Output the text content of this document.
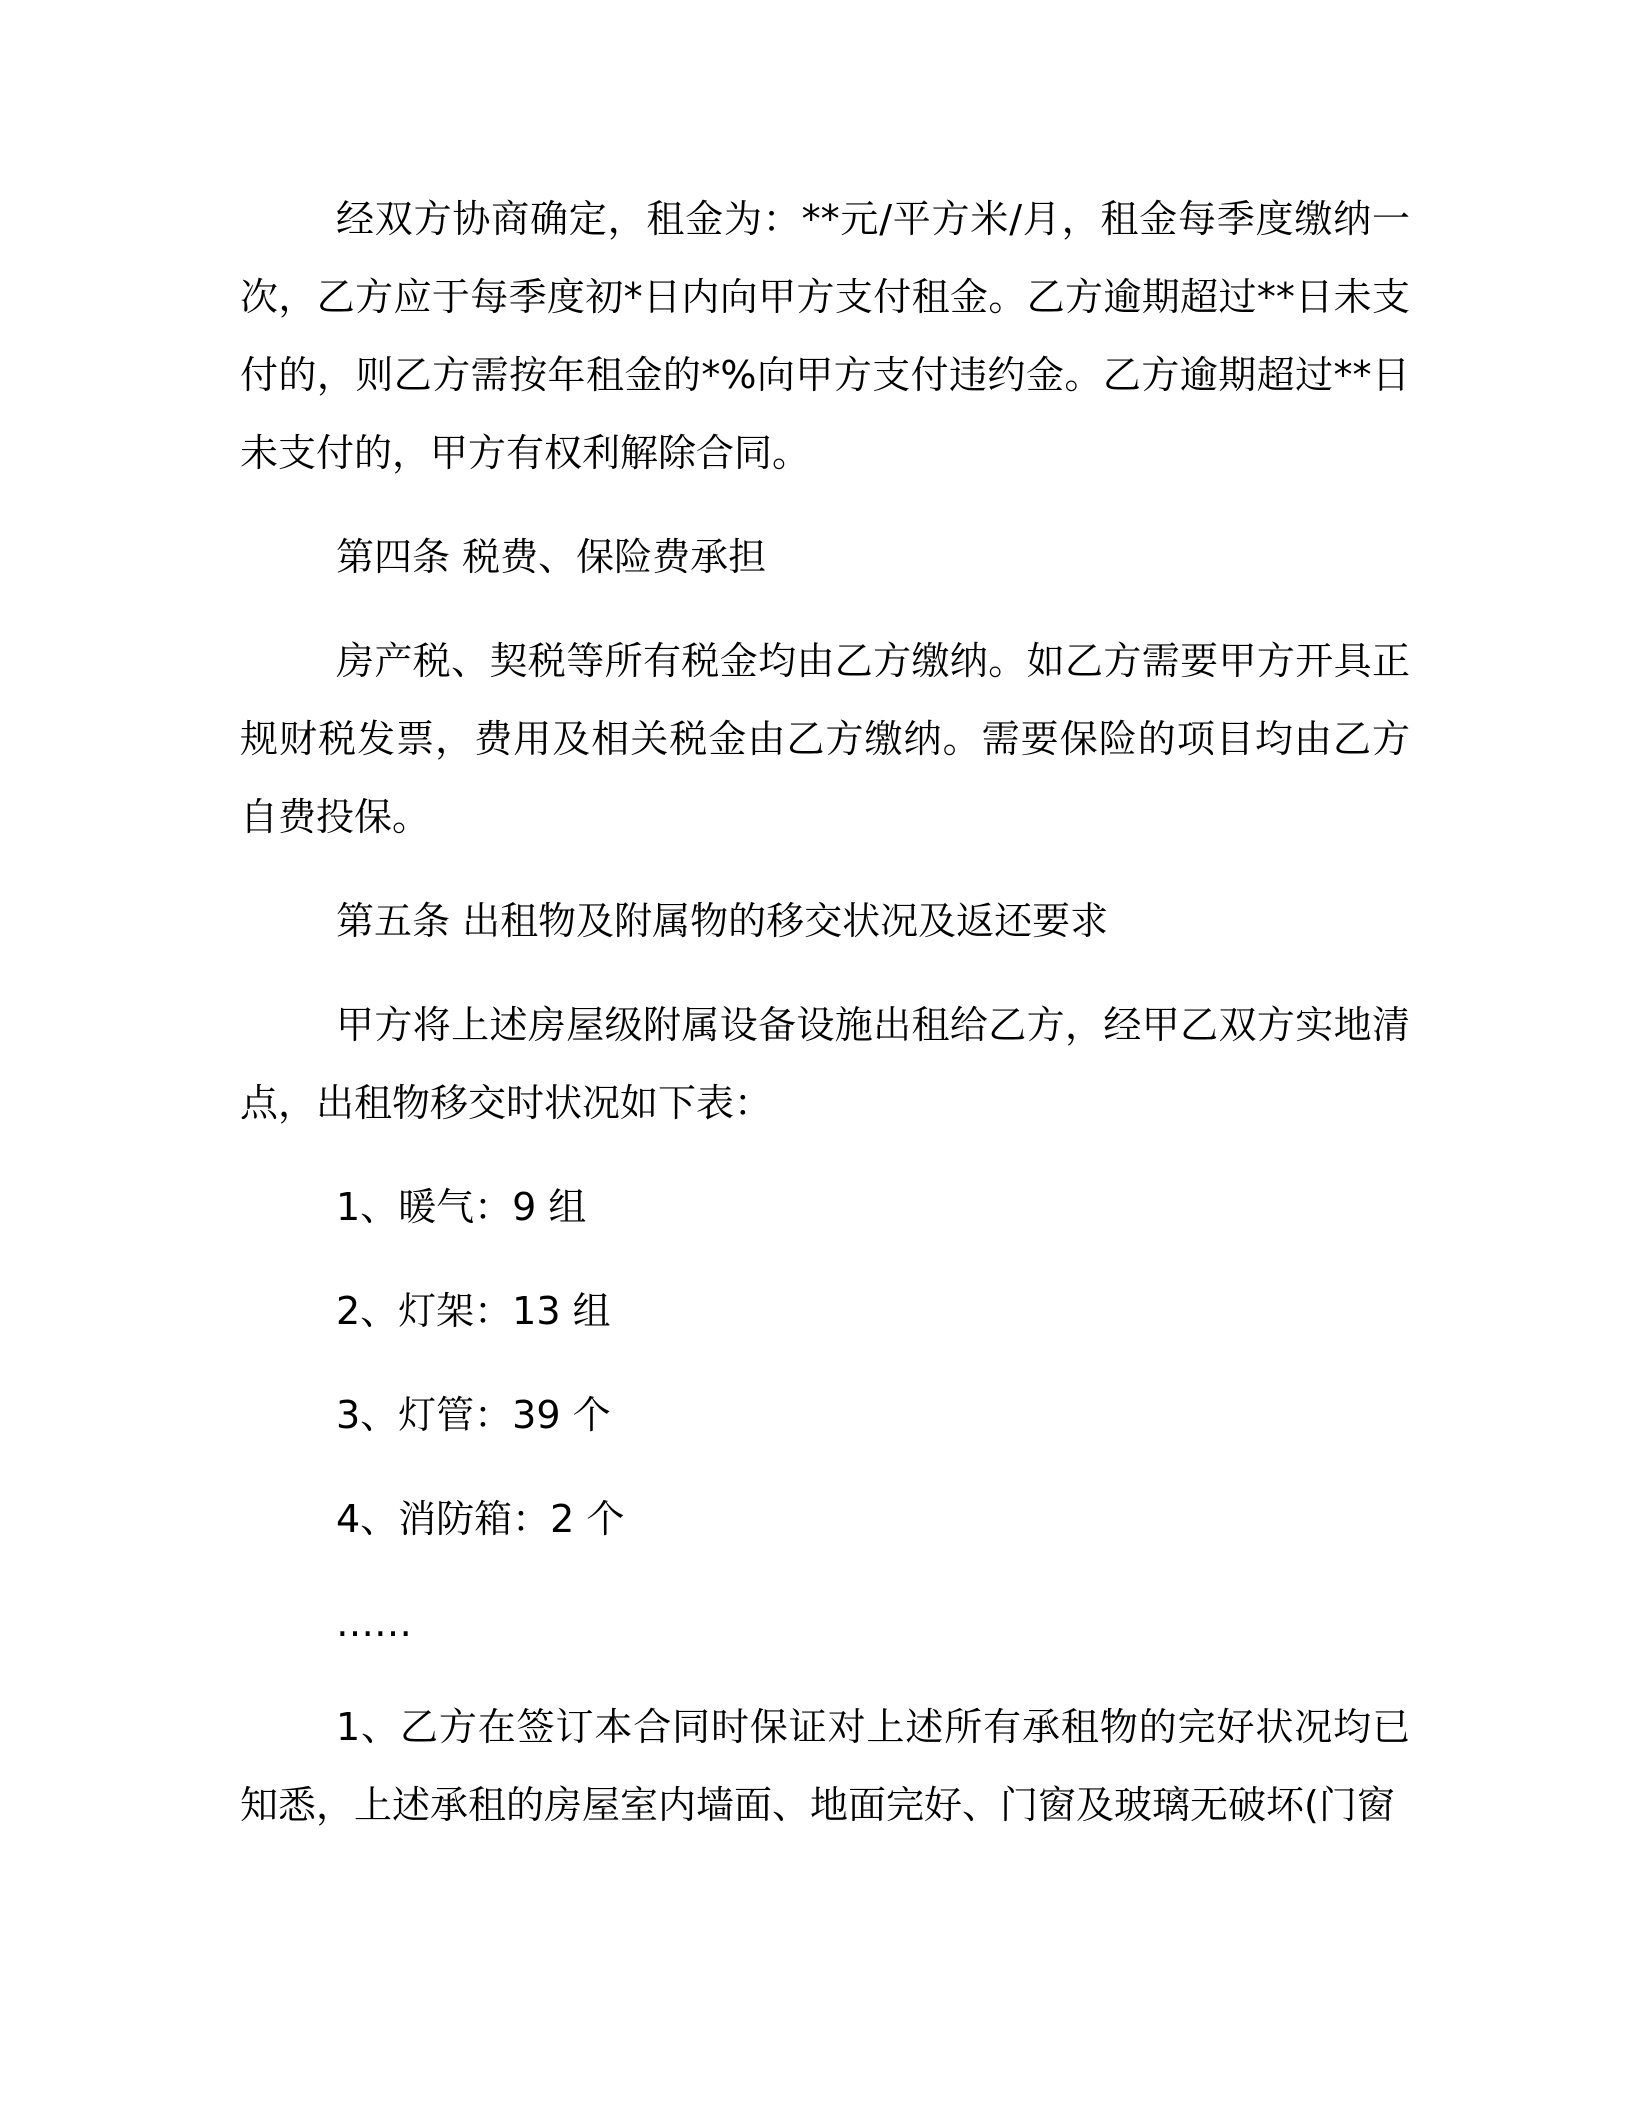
经双方协商确定，租金为：**元/平方米/月，租金每季度缴纳一次，乙方应于每季度初*日内向甲方支付租金。乙方逾期超过**日未支付的，则乙方需按年租金的*%向甲方支付违约金。乙方逾期超过**日未支付的，甲方有权利解除合同。

第四条 税费、保险费承担

房产税、契税等所有税金均由乙方缴纳。如乙方需要甲方开具正规财税发票，费用及相关税金由乙方缴纳。需要保险的项目均由乙方自费投保。

第五条 出租物及附属物的移交状况及返还要求

甲方将上述房屋级附属设备设施出租给乙方，经甲乙双方实地清点，出租物移交时状况如下表：

1、暖气：9 组

2、灯架：13 组

3、灯管：39 个

4、消防箱：2 个

……

1、乙方在签订本合同时保证对上述所有承租物的完好状况均已知悉，上述承租的房屋室内墙面、地面完好、门窗及玻璃无破坏(门窗
